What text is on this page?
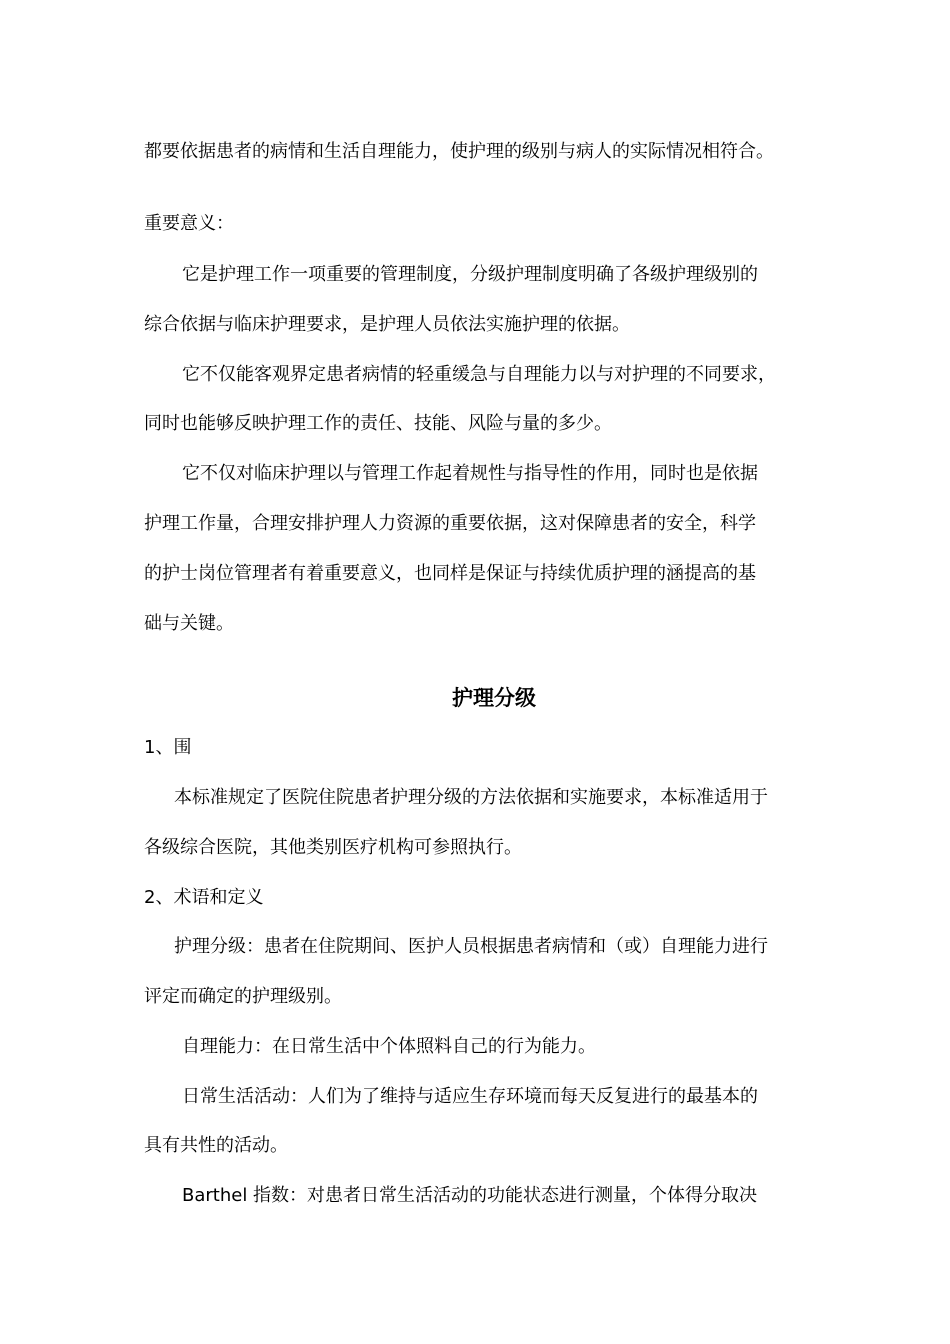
都要依据患者的病情和生活自理能力，使护理的级别与病人的实际情况相符合。
重要意义：
它是护理工作一项重要的管理制度，分级护理制度明确了各级护理级别的
综合依据与临床护理要求，是护理人员依法实施护理的依据。
它不仅能客观界定患者病情的轻重缓急与自理能力以与对护理的不同要求，
同时也能够反映护理工作的责任、技能、风险与量的多少。
它不仅对临床护理以与管理工作起着规性与指导性的作用，同时也是依据
护理工作量，合理安排护理人力资源的重要依据，这对保障患者的安全，科学
的护士岗位管理者有着重要意义，也同样是保证与持续优质护理的涵提高的基
础与关键。
护理分级
1、围
本标准规定了医院住院患者护理分级的方法依据和实施要求，本标准适用于
各级综合医院，其他类别医疗机构可参照执行。
2、术语和定义
护理分级：患者在住院期间、医护人员根据患者病情和（或）自理能力进行
评定而确定的护理级别。
自理能力：在日常生活中个体照料自己的行为能力。
日常生活活动：人们为了维持与适应生存环境而每天反复进行的最基本的
具有共性的活动。
Barthel 指数：对患者日常生活活动的功能状态进行测量，个体得分取决
